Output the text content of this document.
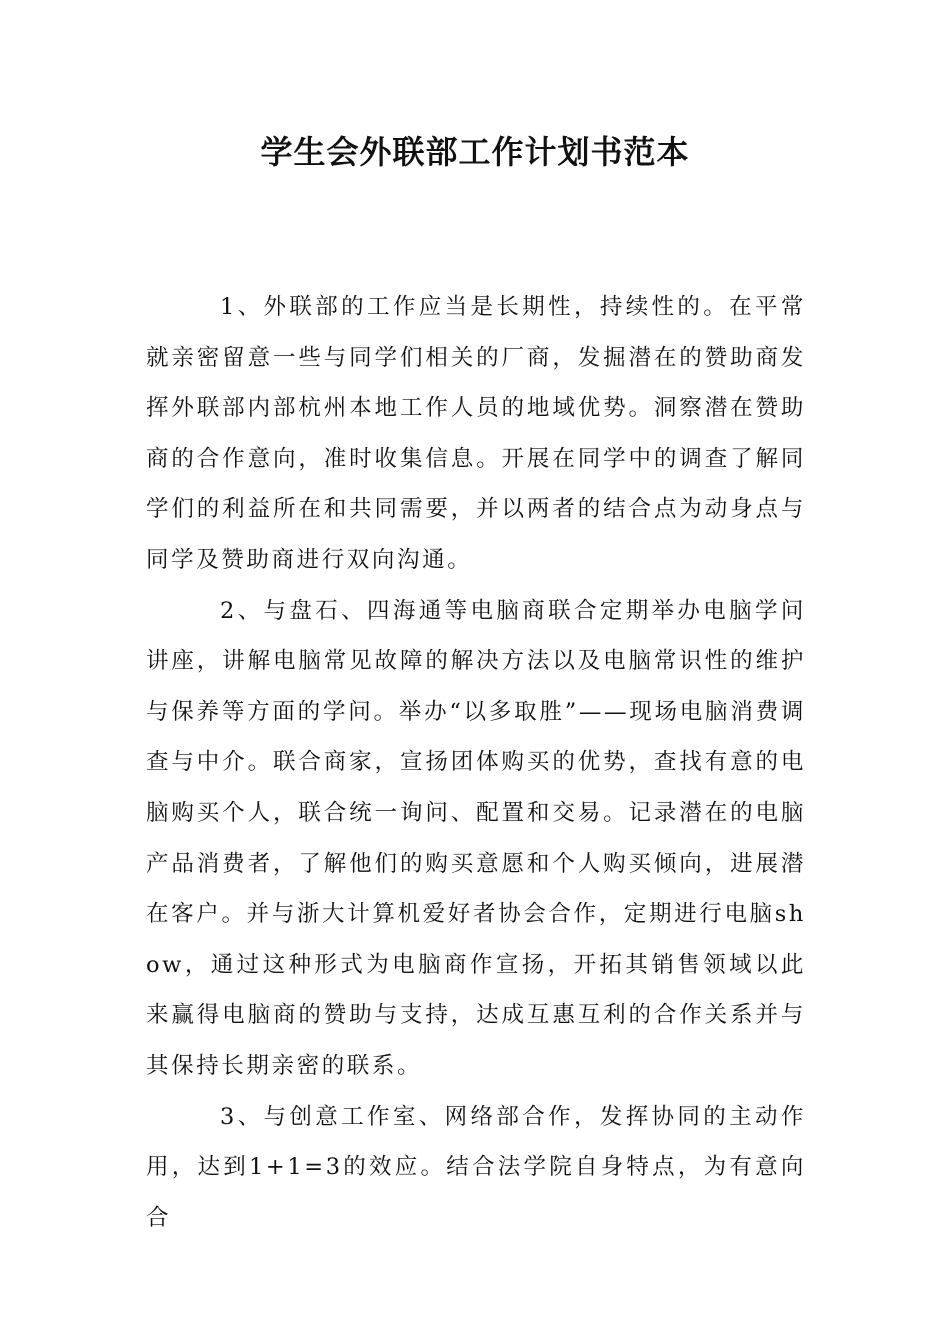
学生会外联部工作计划书范本

1、外联部的工作应当是长期性，持续性的。在平常就亲密留意一些与同学们相关的厂商，发掘潜在的赞助商发挥外联部内部杭州本地工作人员的地域优势。洞察潜在赞助商的合作意向，准时收集信息。开展在同学中的调查了解同学们的利益所在和共同需要，并以两者的结合点为动身点与同学及赞助商进行双向沟通。

2、与盘石、四海通等电脑商联合定期举办电脑学问讲座，讲解电脑常见故障的解决方法以及电脑常识性的维护与保养等方面的学问。举办“以多取胜”——现场电脑消费调查与中介。联合商家，宣扬团体购买的优势，查找有意的电脑购买个人，联合统一询问、配置和交易。记录潜在的电脑产品消费者，了解他们的购买意愿和个人购买倾向，进展潜在客户。并与浙大计算机爱好者协会合作，定期进行电脑show，通过这种形式为电脑商作宣扬，开拓其销售领域以此来赢得电脑商的赞助与支持，达成互惠互利的合作关系并与其保持长期亲密的联系。

3、与创意工作室、网络部合作，发挥协同的主动作用，达到1+1=3的效应。结合法学院自身特点，为有意向合
